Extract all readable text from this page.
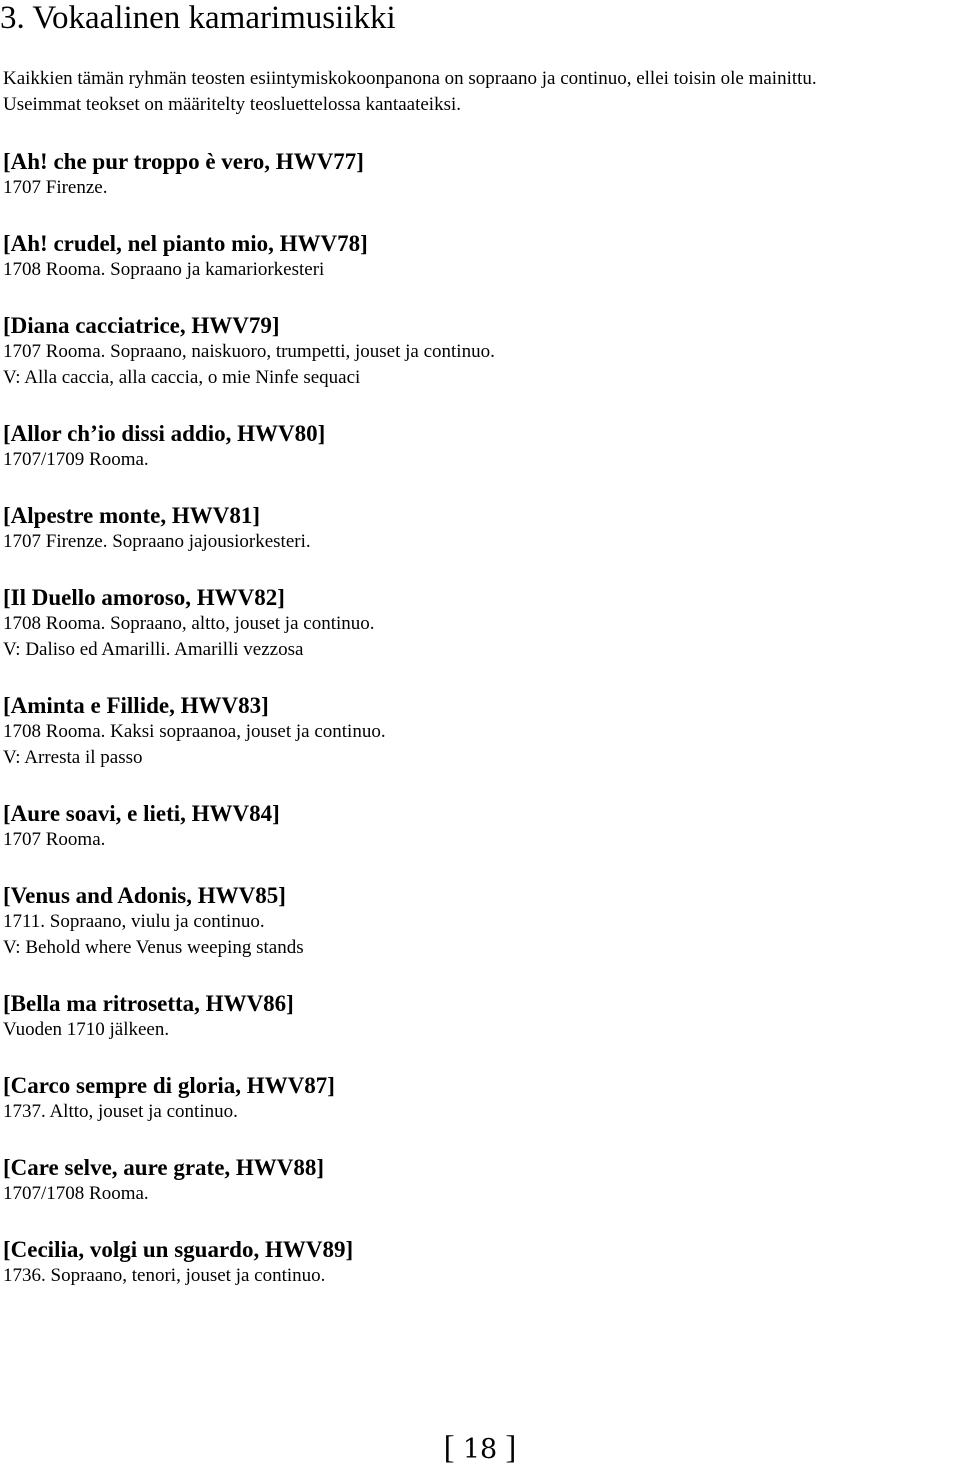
3. Vokaalinen kamarimusiikki
Kaikkien tämän ryhmän teosten esiintymiskokoonpanona on sopraano ja continuo, ellei toisin ole mainittu.
Useimmat teokset on määritelty teosluettelossa kantaateiksi.
[Ah! che pur troppo è vero, HWV77]
1707 Firenze.
[Ah! crudel, nel pianto mio, HWV78]
1708 Rooma. Sopraano ja kamariorkesteri
[Diana cacciatrice, HWV79]
1707 Rooma. Sopraano, naiskuoro, trumpetti, jouset ja continuo.
V: Alla caccia, alla caccia, o mie Ninfe sequaci
[Allor ch’io dissi addio, HWV80]
1707/1709 Rooma.
[Alpestre monte, HWV81]
1707 Firenze. Sopraano jajousiorkesteri.
[Il Duello amoroso, HWV82]
1708 Rooma. Sopraano, altto, jouset ja continuo.
V: Daliso ed Amarilli. Amarilli vezzosa
[Aminta e Fillide, HWV83]
1708 Rooma. Kaksi sopraanoa, jouset ja continuo.
V: Arresta il passo
[Aure soavi, e lieti, HWV84]
1707 Rooma.
[Venus and Adonis, HWV85]
1711. Sopraano, viulu ja continuo.
V: Behold where Venus weeping stands
[Bella ma ritrosetta, HWV86]
Vuoden 1710 jälkeen.
[Carco sempre di gloria, HWV87]
1737. Altto, jouset ja continuo.
[Care selve, aure grate, HWV88]
1707/1708 Rooma.
[Cecilia, volgi un sguardo, HWV89]
1736. Sopraano, tenori, jouset ja continuo.
[ 18 ]
